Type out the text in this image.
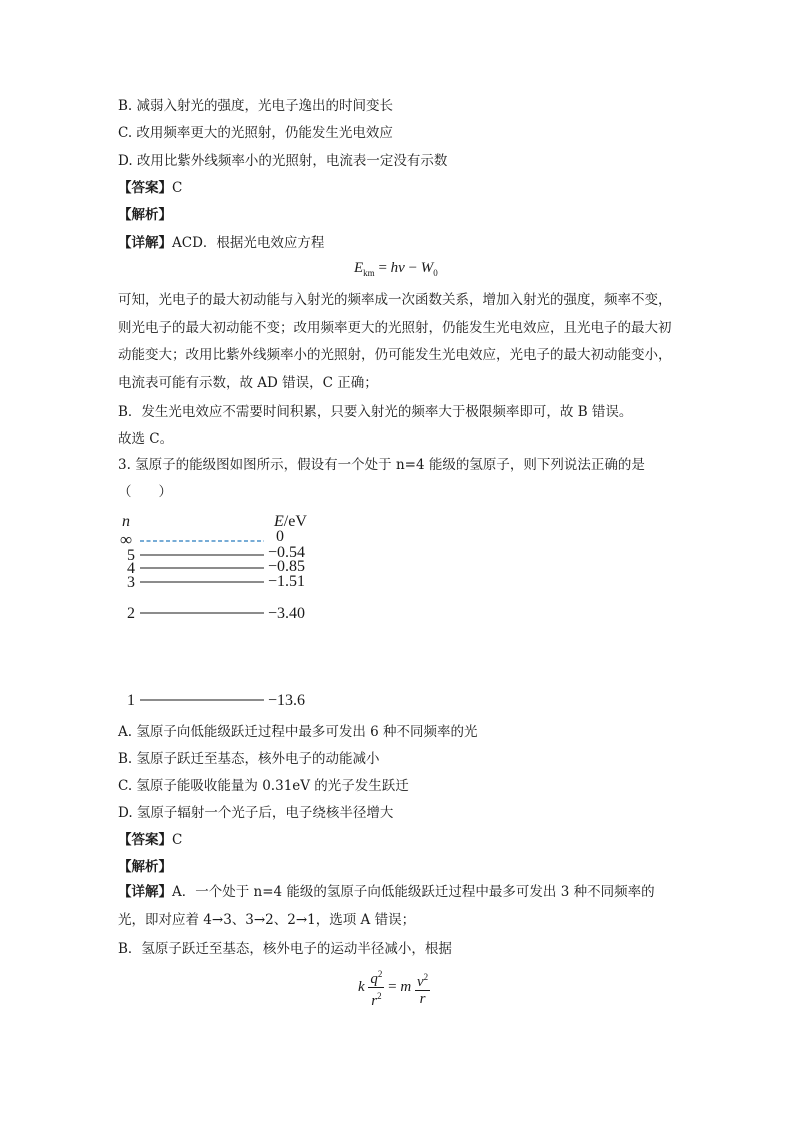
B. 减弱入射光的强度，光电子逸出的时间变长
C. 改用频率更大的光照射，仍能发生光电效应
D. 改用比紫外线频率小的光照射，电流表一定没有示数
【答案】C
【解析】
【详解】ACD．根据光电效应方程
$E_{km} = h\nu - W_0$
可知，光电子的最大初动能与入射光的频率成一次函数关系，增加入射光的强度，频率不变，则光电子的最大初动能不变；改用频率更大的光照射，仍能发生光电效应，且光电子的最大初动能变大；改用比紫外线频率小的光照射，仍可能发生光电效应，光电子的最大初动能变小，电流表可能有示数，故 AD 错误，C 正确；
B．发生光电效应不需要时间积累，只要入射光的频率大于极限频率即可，故 B 错误。
故选 C。
3. 氢原子的能级图如图所示，假设有一个处于 n=4 能级的氢原子，则下列说法正确的是
（　　）
n	E/eV
∞	0
5	−0.54
4	−0.85
3	−1.51
2	−3.40
1	−13.6
A. 氢原子向低能级跃迁过程中最多可发出 6 种不同频率的光
B. 氢原子跃迁至基态，核外电子的动能减小
C. 氢原子能吸收能量为 0.31eV 的光子发生跃迁
D. 氢原子辐射一个光子后，电子绕核半径增大
【答案】C
【解析】
【详解】A．一个处于 n=4 能级的氢原子向低能级跃迁过程中最多可发出 3 种不同频率的光，即对应着 4→3、3→2、2→1，选项 A 错误；
B．氢原子跃迁至基态，核外电子的运动半径减小，根据
k $\frac{q^2}{r^2} = m \frac{v^2}{r}$
